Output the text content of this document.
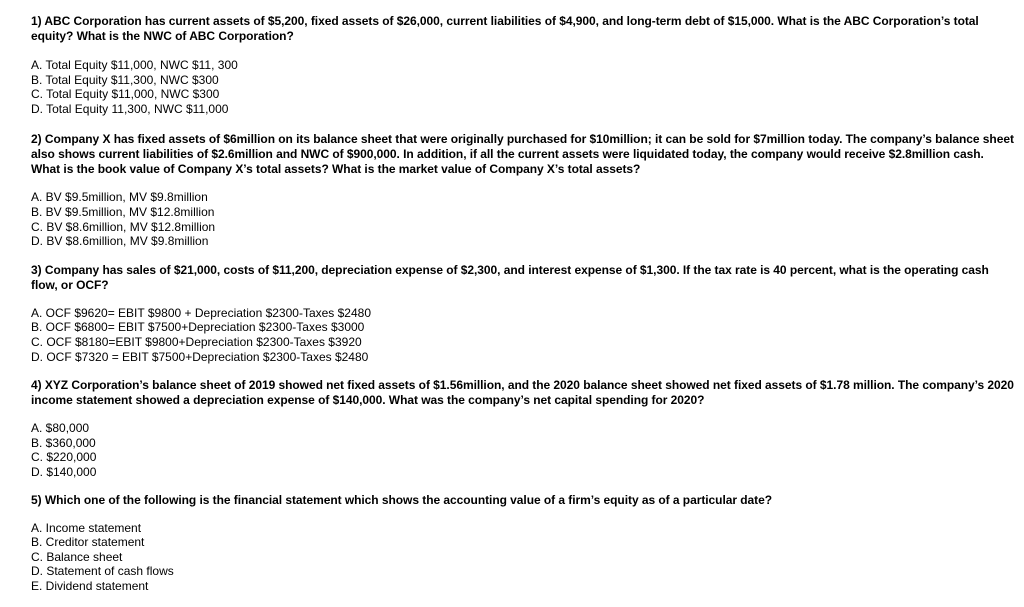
1) ABC Corporation has current assets of $5,200, fixed assets of $26,000, current liabilities of $4,900, and long-term debt of $15,000. What is the ABC Corporation’s total equity? What is the NWC of ABC Corporation?

A. Total Equity $11,000, NWC $11, 300
B. Total Equity $11,300, NWC $300
C. Total Equity $11,000, NWC $300
D. Total Equity 11,300, NWC $11,000

2) Company X has fixed assets of $6million on its balance sheet that were originally purchased for $10million; it can be sold for $7million today. The company’s balance sheet also shows current liabilities of $2.6million and NWC of $900,000. In addition, if all the current assets were liquidated today, the company would receive $2.8million cash. What is the book value of Company X’s total assets? What is the market value of Company X’s total assets?

A. BV $9.5million, MV $9.8million
B. BV $9.5million, MV $12.8million
C. BV $8.6million, MV $12.8million
D. BV $8.6million, MV $9.8million

3) Company has sales of $21,000, costs of $11,200, depreciation expense of $2,300, and interest expense of $1,300. If the tax rate is 40 percent, what is the operating cash flow, or OCF?

A. OCF $9620= EBIT $9800 + Depreciation $2300-Taxes $2480
B. OCF $6800= EBIT $7500+Depreciation $2300-Taxes $3000
C. OCF $8180=EBIT $9800+Depreciation $2300-Taxes $3920
D. OCF $7320 = EBIT $7500+Depreciation $2300-Taxes $2480

4) XYZ Corporation’s balance sheet of 2019 showed net fixed assets of $1.56million, and the 2020 balance sheet showed net fixed assets of $1.78 million. The company’s 2020 income statement showed a depreciation expense of $140,000. What was the company’s net capital spending for 2020?

A. $80,000
B. $360,000
C. $220,000
D. $140,000

5) Which one of the following is the financial statement which shows the accounting value of a firm’s equity as of a particular date?

A. Income statement
B. Creditor statement
C. Balance sheet
D. Statement of cash flows
E. Dividend statement
